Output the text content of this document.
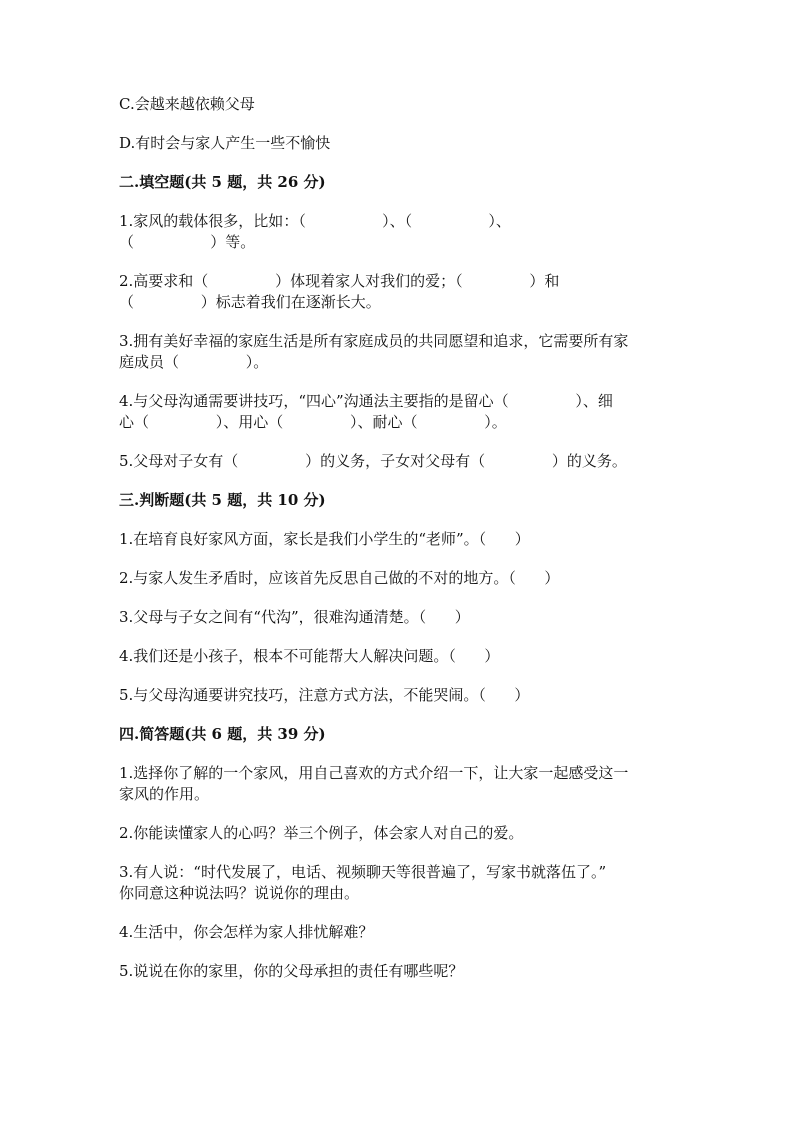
C.会越来越依赖父母

D.有时会与家人产生一些不愉快

二.填空题(共 5 题，共 26 分)

1.家风的载体很多，比如：（                ）、（                ）、

（                ）等。

2.高要求和（              ）体现着家人对我们的爱；（              ）和

（              ）标志着我们在逐渐长大。

3.拥有美好幸福的家庭生活是所有家庭成员的共同愿望和追求，它需要所有家

庭成员（              ）。

4.与父母沟通需要讲技巧，“四心”沟通法主要指的是留心（              ）、细

心（              ）、用心（              ）、耐心（              ）。

5.父母对子女有（              ）的义务，子女对父母有（              ）的义务。

三.判断题(共 5 题，共 10 分)

1.在培育良好家风方面，家长是我们小学生的“老师”。（      ）

2.与家人发生矛盾时，应该首先反思自己做的不对的地方。（      ）

3.父母与子女之间有“代沟”，很难沟通清楚。（      ）

4.我们还是小孩子，根本不可能帮大人解决问题。（      ）

5.与父母沟通要讲究技巧，注意方式方法，不能哭闹。（      ）

四.简答题(共 6 题，共 39 分)

1.选择你了解的一个家风，用自己喜欢的方式介绍一下，让大家一起感受这一

家风的作用。

2.你能读懂家人的心吗？举三个例子，体会家人对自己的爱。

3.有人说：“时代发展了，电话、视频聊天等很普遍了，写家书就落伍了。”

你同意这种说法吗？说说你的理由。

4.生活中，你会怎样为家人排忧解难？

5.说说在你的家里，你的父母承担的责任有哪些呢？
